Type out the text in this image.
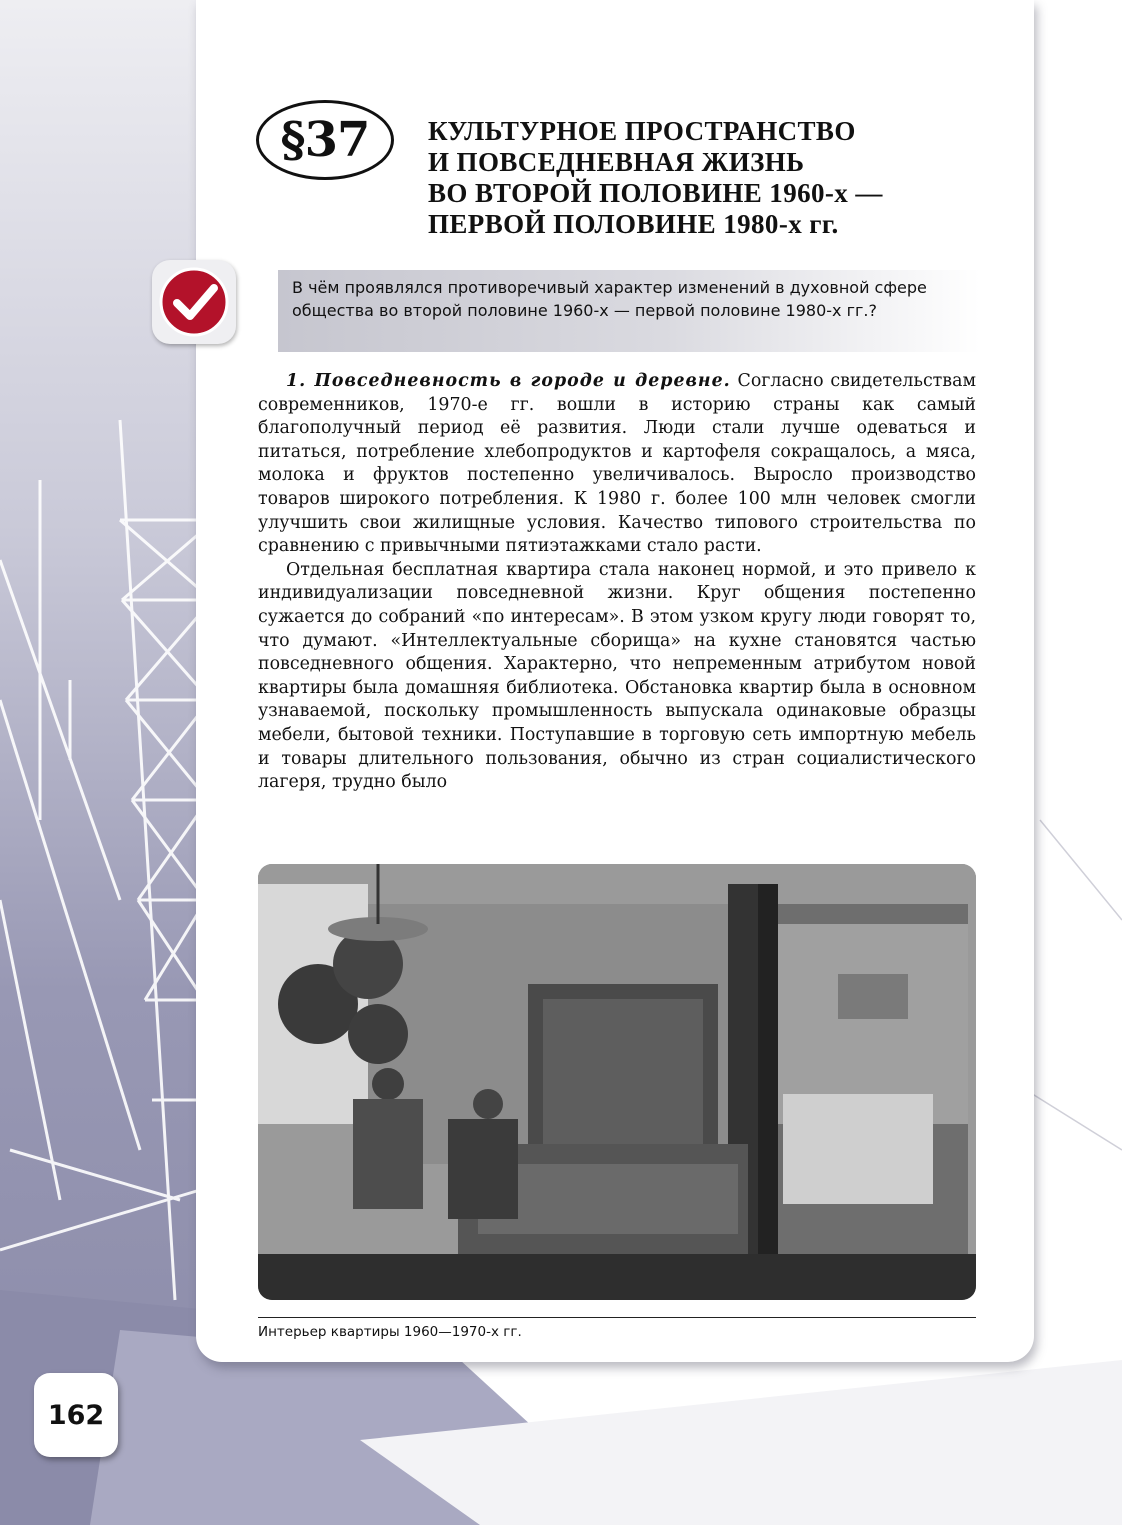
§37 КУЛЬТУРНОЕ ПРОСТРАНСТВО
И ПОВСЕДНЕВНАЯ ЖИЗНЬ
ВО ВТОРОЙ ПОЛОВИНЕ 1960-х —
ПЕРВОЙ ПОЛОВИНЕ 1980-х гг.

В чём проявлялся противоречивый характер изменений в духовной сфере общества во второй половине 1960-х — первой половине 1980-х гг.?

1. Повседневность в городе и деревне. Согласно свидетельствам современников, 1970-е гг. вошли в историю страны как самый благополучный период её развития. Люди стали лучше одеваться и питаться, потребление хлебопродуктов и картофеля сокращалось, а мяса, молока и фруктов постепенно увеличивалось. Выросло производство товаров широкого потребления. К 1980 г. более 100 млн человек смогли улучшить свои жилищные условия. Качество типового строительства по сравнению с привычными пятиэтажками стало расти.

Отдельная бесплатная квартира стала наконец нормой, и это привело к индивидуализации повседневной жизни. Круг общения постепенно сужается до собраний «по интересам». В этом узком кругу люди говорят то, что думают. «Интеллектуальные сборища» на кухне становятся частью повседневного общения. Характерно, что непременным атрибутом новой квартиры была домашняя библиотека. Обстановка квартир была в основном узнаваемой, поскольку промышленность выпускала одинаковые образцы мебели, бытовой техники. Поступавшие в торговую сеть импортную мебель и товары длительного пользования, обычно из стран социалистического лагеря, трудно было

Интерьер квартиры 1960—1970-х гг.

162
